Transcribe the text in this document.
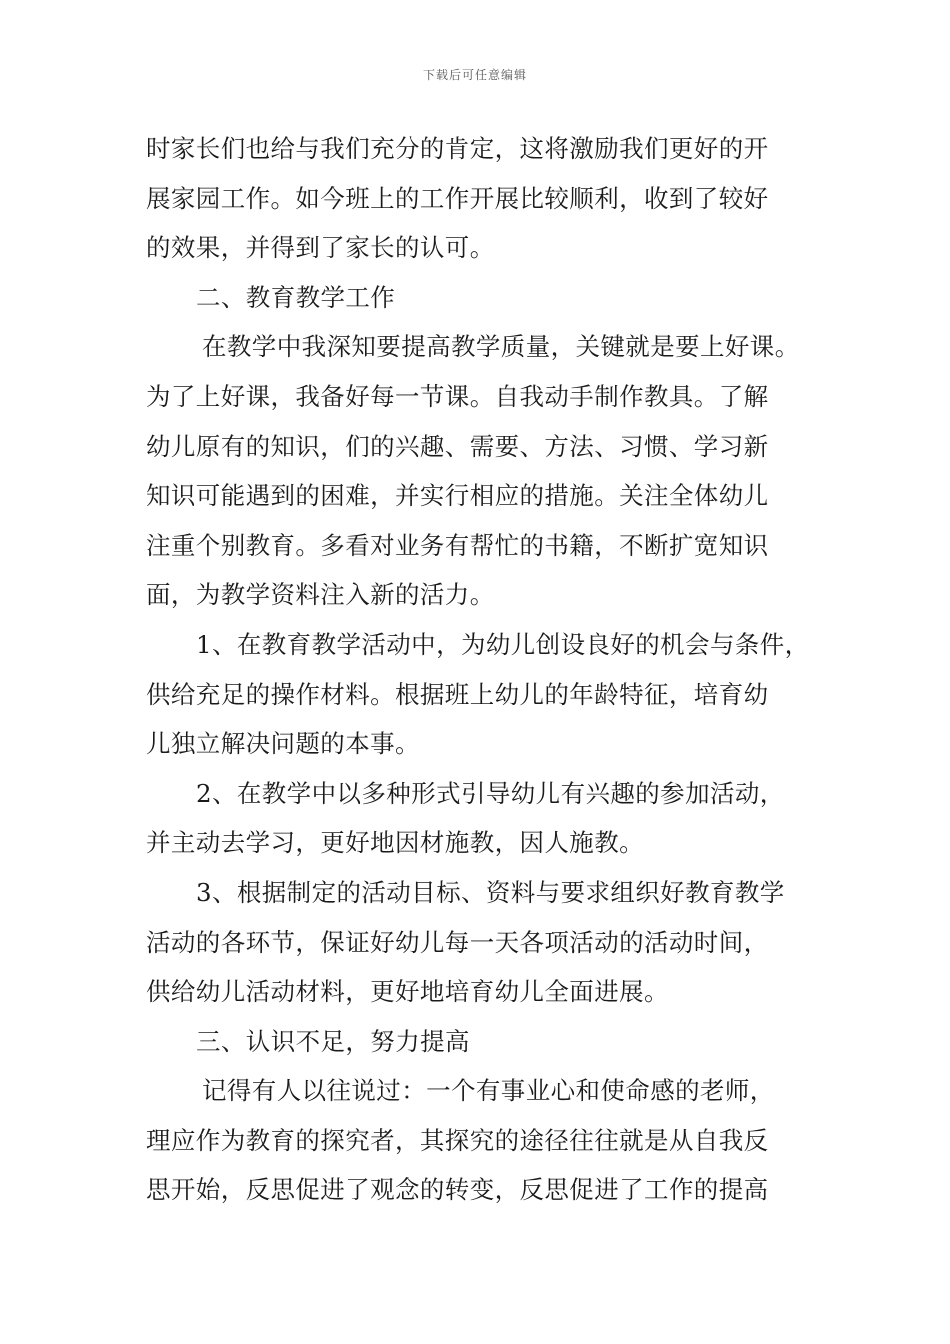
下载后可任意编辑
时家长们也给与我们充分的肯定，这将激励我们更好的开
展家园工作。如今班上的工作开展比较顺利，收到了较好
的效果，并得到了家长的认可。
二、教育教学工作
在教学中我深知要提高教学质量，关键就是要上好课。
为了上好课，我备好每一节课。自我动手制作教具。了解
幼儿原有的知识，们的兴趣、需要、方法、习惯、学习新
知识可能遇到的困难，并实行相应的措施。关注全体幼儿
注重个别教育。多看对业务有帮忙的书籍，不断扩宽知识
面，为教学资料注入新的活力。
1、在教育教学活动中，为幼儿创设良好的机会与条件，
供给充足的操作材料。根据班上幼儿的年龄特征，培育幼
儿独立解决问题的本事。
2、在教学中以多种形式引导幼儿有兴趣的参加活动，
并主动去学习，更好地因材施教，因人施教。
3、根据制定的活动目标、资料与要求组织好教育教学
活动的各环节，保证好幼儿每一天各项活动的活动时间，
供给幼儿活动材料，更好地培育幼儿全面进展。
三、认识不足，努力提高
记得有人以往说过：一个有事业心和使命感的老师，
理应作为教育的探究者，其探究的途径往往就是从自我反
思开始，反思促进了观念的转变，反思促进了工作的提高
